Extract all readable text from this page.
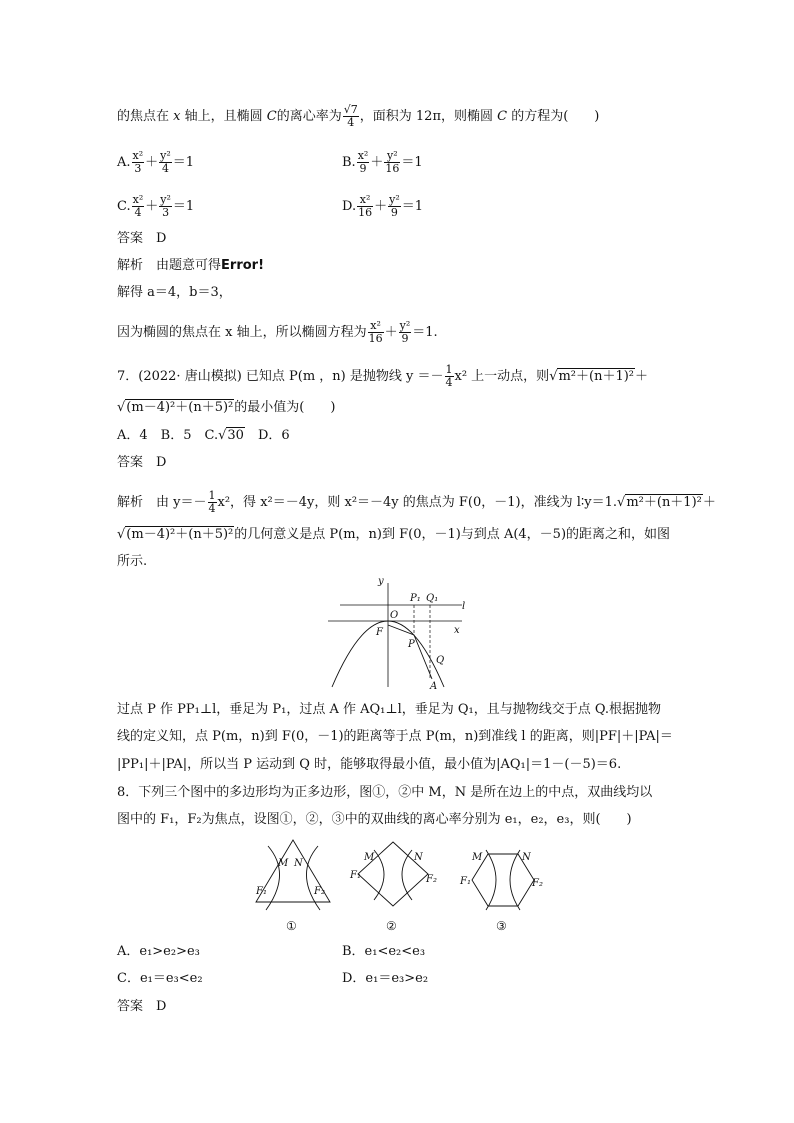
的焦点在 x 轴上，且椭圆 C的离心率为 $\frac{√7}{4}$ ，面积为 12π，则椭圆 C 的方程为(　　)
A. $\frac{\text{x²}}{3} + \frac{\text{y²}}{4} =1$	B. $\frac{\text{x²}}{9} + \frac{\text{y²}}{16} =1$
C. $\frac{\text{x²}}{4} + \frac{\text{y²}}{3} =1$	D. $\frac{\text{x²}}{16} + \frac{\text{y²}}{9} =1$
答案　 D
解析　 由题意可得Error!
解得 a＝4，b＝3，
因为椭圆的焦点在 x 轴上，所以椭圆方程为 $\frac{\text{x²}}{16} + \frac{\text{y²}}{9} =1$.
7．(2022· 唐山模拟) 已知点 P(m ，n) 是抛物线 $y =- \frac{1}{4} x^2$ 上一动点，则√m²＋(n＋1)²＋
√(m－4)²＋(n＋5)²的最小值为(　　)
A．4　B．5　C.√30　D．6
答案　 D
解析　 由 $y=- \frac{1}{4} x^2$，得 x²＝－4y，则 x²＝－4y 的焦点为 F(0，－1)，准线为 l∶y＝1.√m²＋(n＋1)²＋
√(m－4)²＋(n＋5)²的几何意义是点 P(m，n)到 F(0，－1)与到点 A(4，－5)的距离之和，如图
所示.
y
x
O
F
P
P₁ Q₁
l
Q
A
过点 P 作 PP₁⊥l，垂足为 P₁，过点 A 作 AQ₁⊥l，垂足为 Q₁，且与抛物线交于点 Q.根据抛物
线的定义知，点 P(m，n)到 F(0，－1)的距离等于点 P(m，n)到准线 l 的距离，则|PF|＋|PA|＝
|PP₁|＋|PA|，所以当 P 运动到 Q 时，能够取得最小值，最小值为|AQ₁|＝1－(－5)＝6.
8．下列三个图中的多边形均为正多边形，图①，②中 M，N 是所在边上的中点，双曲线均以
图中的 F₁，F₂为焦点，设图①，②，③中的双曲线的离心率分别为 e₁，e₂，e₃，则(　　)
M N
F₁	F₂
①
M	N
F₁	F₂
②
M	N
F₁	F₂
③
A．e₁>e₂>e₃	B．e₁<e₂<e₃
C．e₁＝e₃<e₂	D．e₁＝e₃>e₂
答案　 D
